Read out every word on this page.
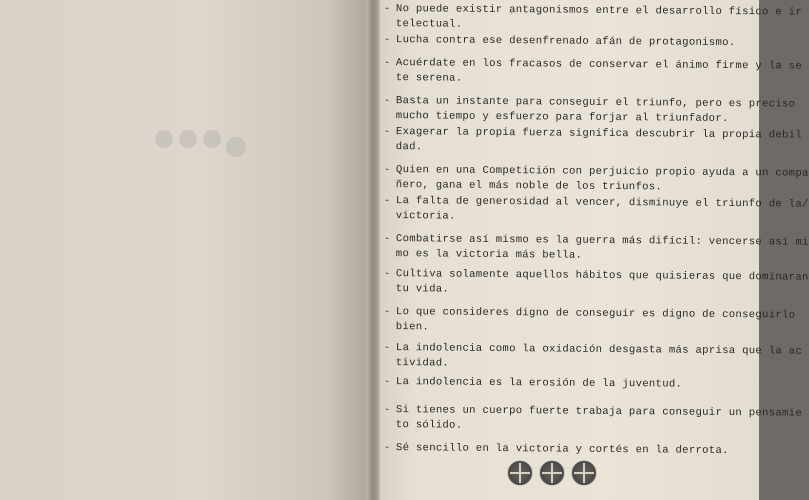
- No puede existir antagonismos entre el desarrollo físico e ir
telectual.
- Lucha contra ese desenfrenado afán de protagonismo.
- Acuérdate en los fracasos de conservar el ánimo firme y la se
te serena.
- Basta un instante para conseguir el triunfo, pero es preciso
mucho tiempo y esfuerzo para forjar al triunfador.
- Exagerar la propia fuerza significa descubrir la propia debil
dad.
- Quien en una Competición con perjuicio propio ayuda a un compa
ñero, gana el más noble de los triunfos.
- La falta de generosidad al vencer, disminuye el triunfo de la/
victoria.
- Combatirse así mismo es la guerra más difícil: vencerse así mi
mo es la victoria más bella.
- Cultiva solamente aquellos hábitos que quisieras que dominaran
tu vida.
- Lo que consideres digno de conseguir es digno de conseguirlo
bien.
- La indolencia como la oxidación desgasta más aprisa que la ac
tividad.
- La indolencia es la erosión de la juventud.
- Si tienes un cuerpo fuerte trabaja para conseguir un pensamie
to sólido.
- Sé sencillo en la victoria y cortés en la derrota.
